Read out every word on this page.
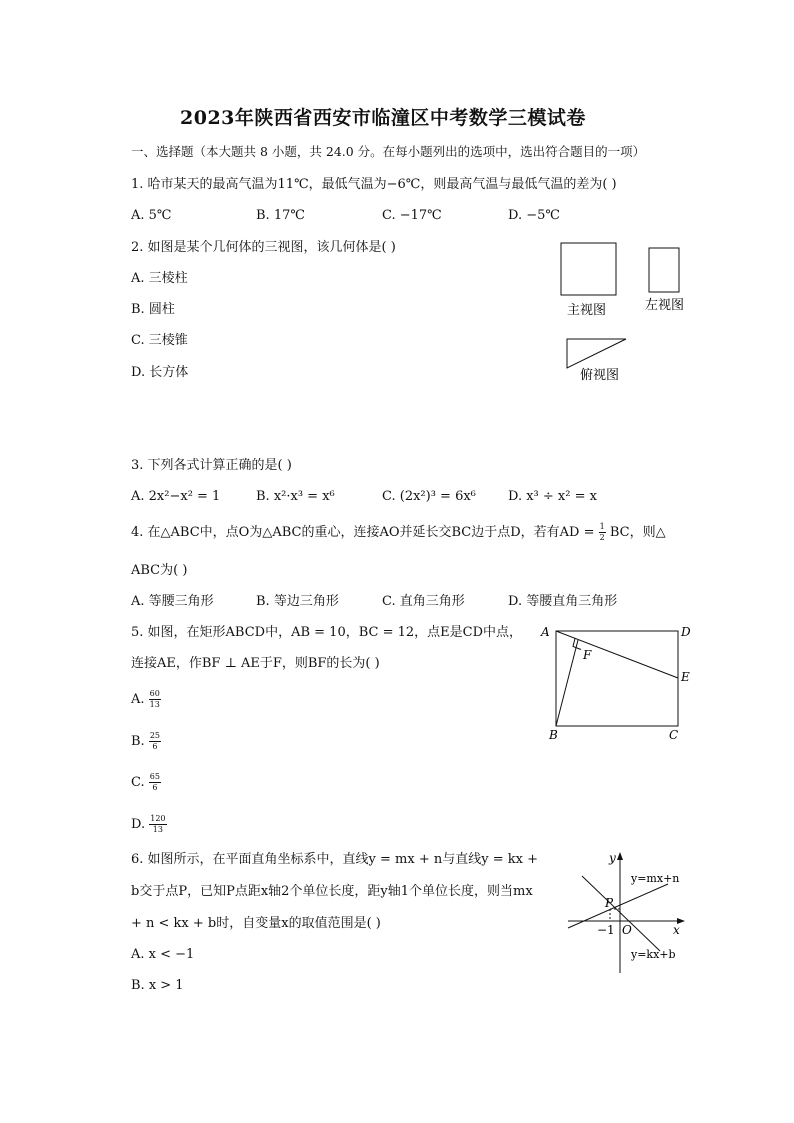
2023年陕西省西安市临潼区中考数学三模试卷
一、选择题（本大题共 8 小题，共 24.0 分。在每小题列出的选项中，选出符合题目的一项）
1. 哈市某天的最高气温为11℃，最低气温为−6℃，则最高气温与最低气温的差为( )
A. 5℃	B. 17℃	C. −17℃	D. −5℃
2. 如图是某个几何体的三视图，该几何体是( )
A. 三棱柱
B. 圆柱
C. 三棱锥
D. 长方体
主视图	左视图
俯视图
3. 下列各式计算正确的是( )
A. 2x²−x² = 1	B. x²·x³ = x⁶	C. (2x²)³ = 6x⁶ D. x³ ÷ x² = x
4. 在△ABC中，点O为△ABC的重心，连接AO并延长交BC边于点D，若有AD = $\frac{1}{2}$ BC，则△
ABC为( )
A. 等腰三角形	B. 等边三角形	C. 直角三角形	D. 等腰直角三角形
5. 如图，在矩形ABCD中，AB = 10，BC = 12，点E是CD中点，
连接AE，作BF ⊥ AE于F，则BF的长为( )
A. $\frac{60}{13}$
B. $\frac{25}{6}$
C. $\frac{65}{6}$
D. $\frac{120}{13}$
A	D
E
F
B	C
6. 如图所示，在平面直角坐标系中，直线y = mx + n与直线y = kx +
b交于点P，已知P点距x轴2个单位长度，距y轴1个单位长度，则当mx
+ n < kx + b时，自变量x的取值范围是( )
A. x < −1
B. x > 1
y
y=mx+n
P
−1 O	x
y=kx+b
